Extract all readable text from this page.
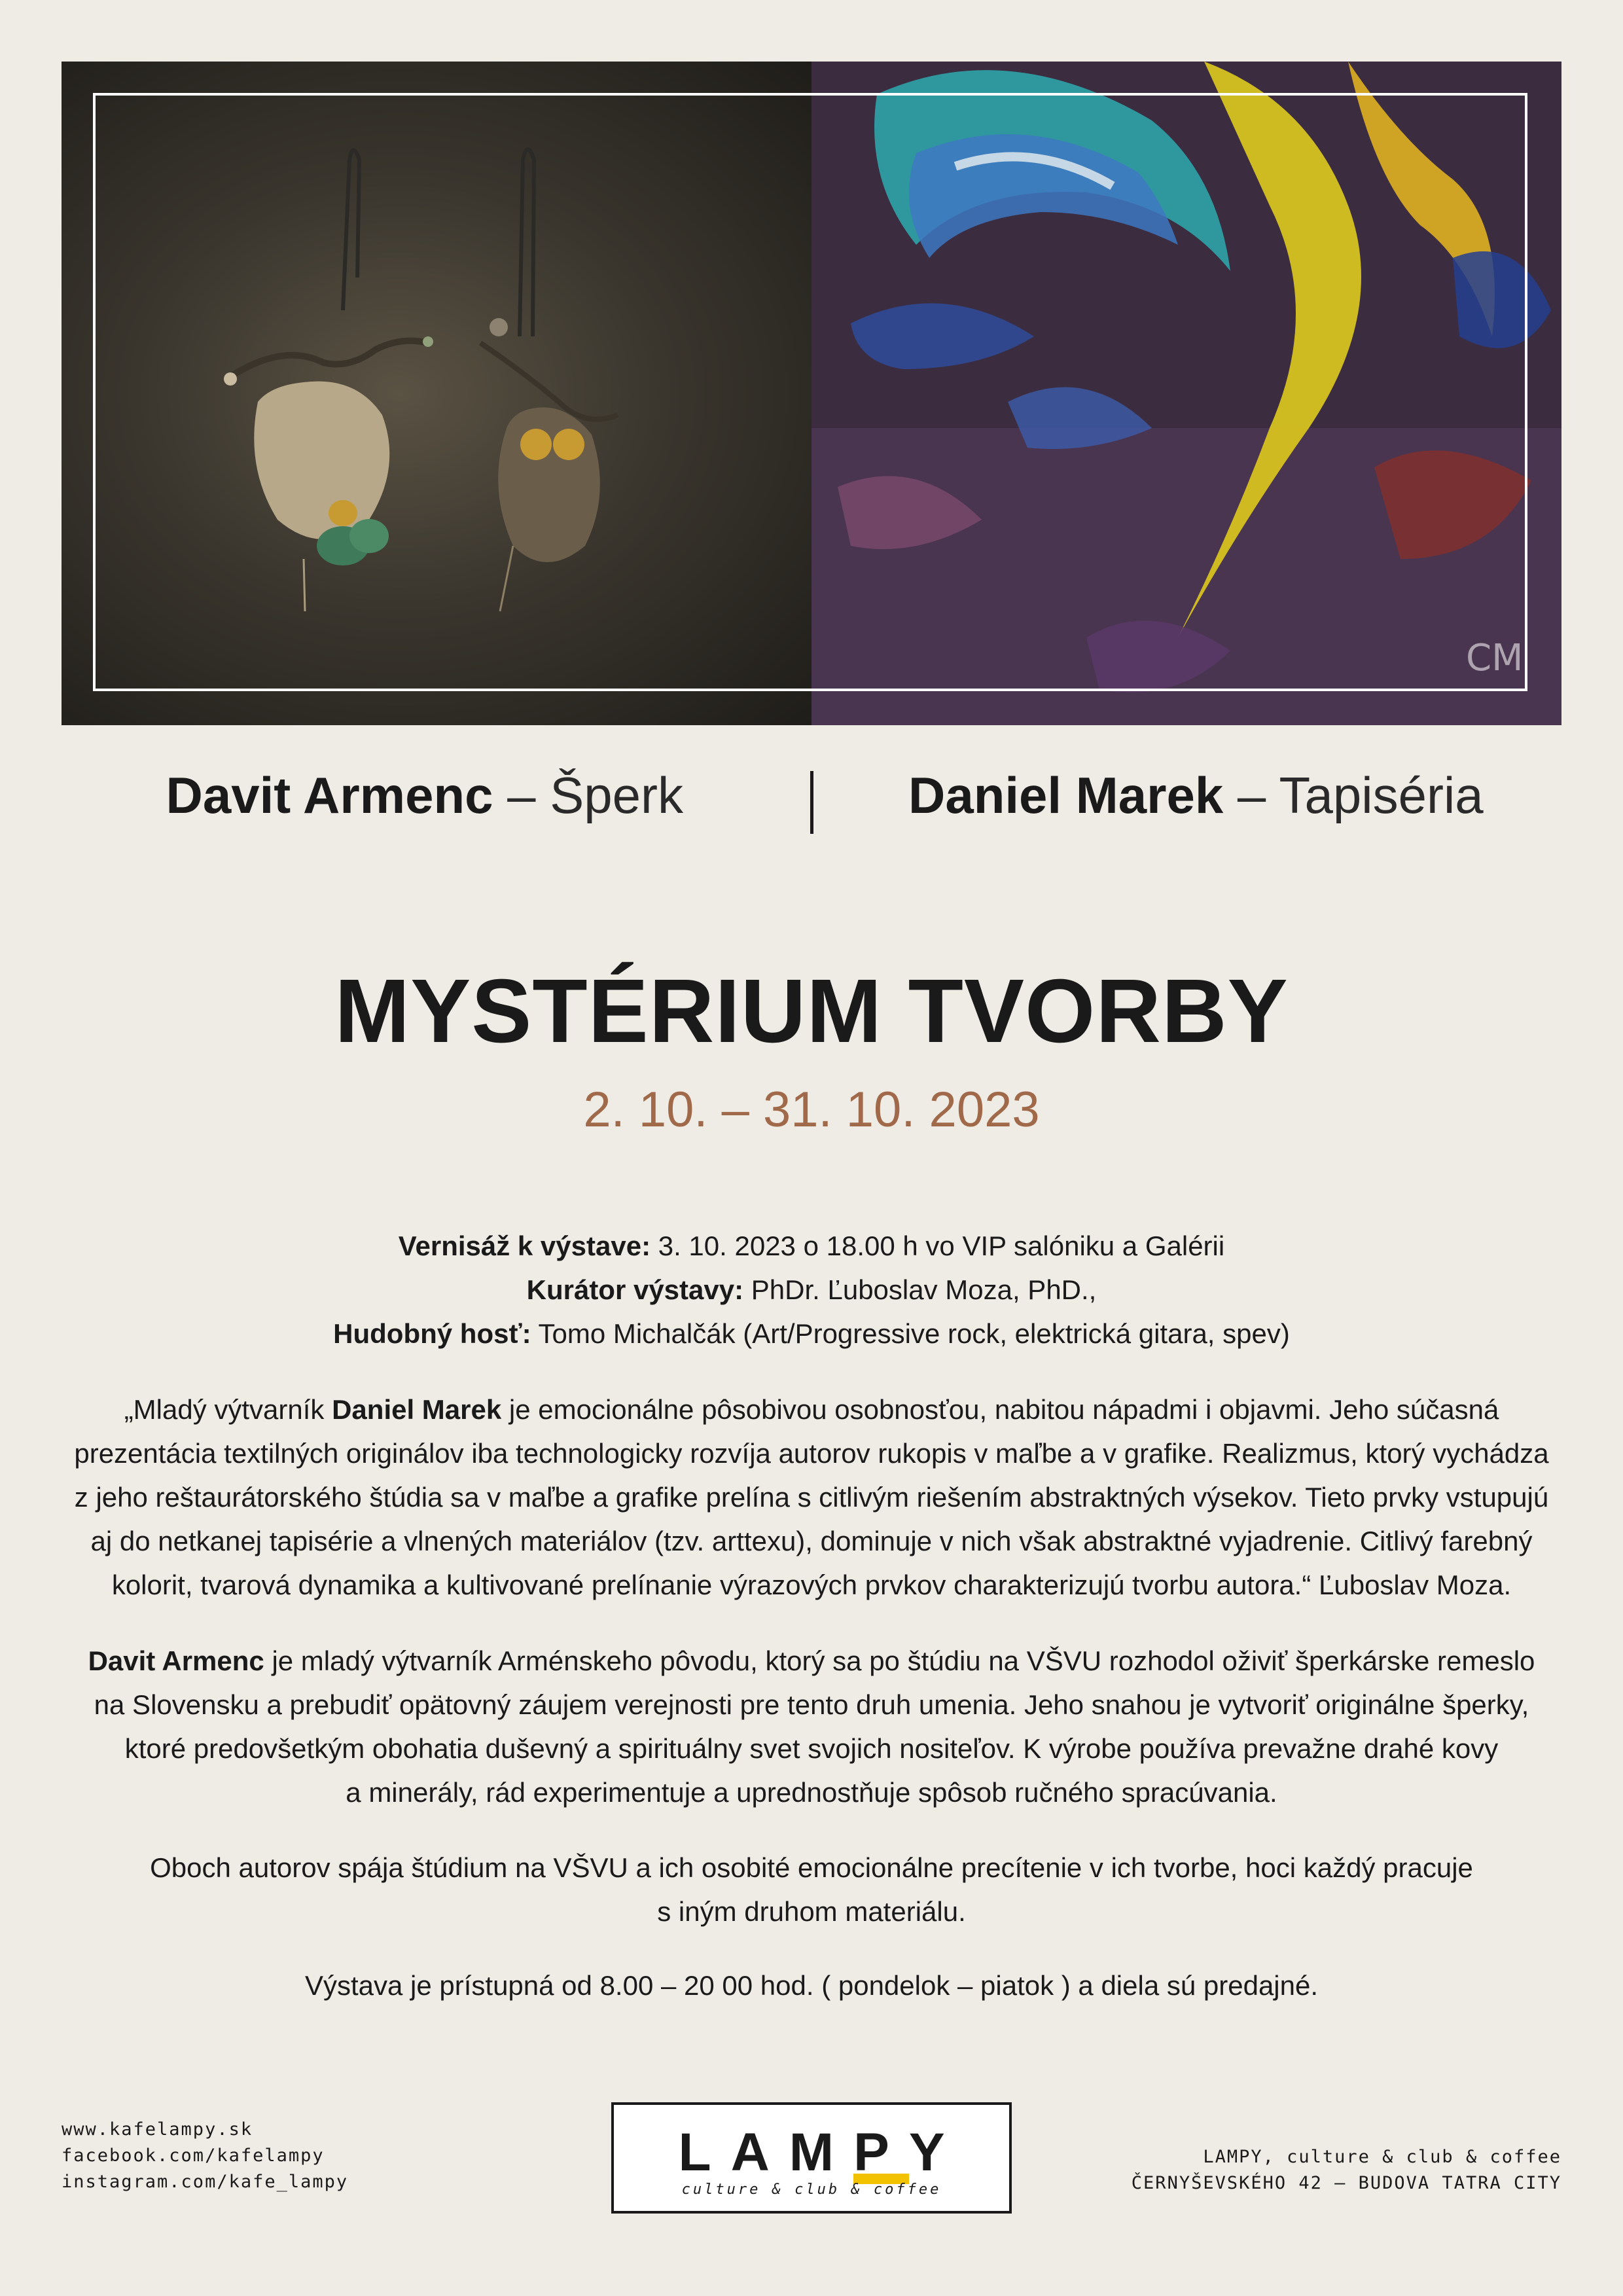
CM
Davit Armenc – Šperk	Daniel Marek – Tapiséria
MYSTÉRIUM TVORBY
2. 10. – 31. 10. 2023
Vernisáž k výstave: 3. 10. 2023 o 18.00 h vo VIP salóniku a Galérii
Kurátor výstavy: PhDr. Ľuboslav Moza, PhD.,
Hudobný hosť: Tomo Michalčák (Art/Progressive rock, elektrická gitara, spev)
„Mladý výtvarník Daniel Marek je emocionálne pôsobivou osobnosťou, nabitou nápadmi i objavmi. Jeho súčasná
prezentácia textilných originálov iba technologicky rozvíja autorov rukopis v maľbe a v grafike. Realizmus, ktorý vychádza
z jeho reštaurátorského štúdia sa v maľbe a grafike prelína s citlivým riešením abstraktných výsekov. Tieto prvky vstupujú
aj do netkanej tapisérie a vlnených materiálov (tzv. arttexu), dominuje v nich však abstraktné vyjadrenie. Citlivý farebný
kolorit, tvarová dynamika a kultivované prelínanie výrazových prvkov charakterizujú tvorbu autora.“ Ľuboslav Moza.
Davit Armenc je mladý výtvarník Arménskeho pôvodu, ktorý sa po štúdiu na VŠVU rozhodol oživiť šperkárske remeslo
na Slovensku a prebudiť opätovný záujem verejnosti pre tento druh umenia. Jeho snahou je vytvoriť originálne šperky,
ktoré predovšetkým obohatia duševný a spirituálny svet svojich nositeľov. K výrobe používa prevažne drahé kovy
a minerály, rád experimentuje a uprednostňuje spôsob ručného spracúvania.
Oboch autorov spája štúdium na VŠVU a ich osobité emocionálne precítenie v ich tvorbe, hoci každý pracuje
s iným druhom materiálu.
Výstava je prístupná od 8.00 – 20 00 hod. ( pondelok – piatok ) a diela sú predajné.
www.kafelampy.sk
facebook.com/kafelampy
instagram.com/kafe_lampy	LAMPY
culture & club & coffee
LAMPY, culture & club & coffee
ČERNYŠEVSKÉHO 42 – BUDOVA TATRA CITY
